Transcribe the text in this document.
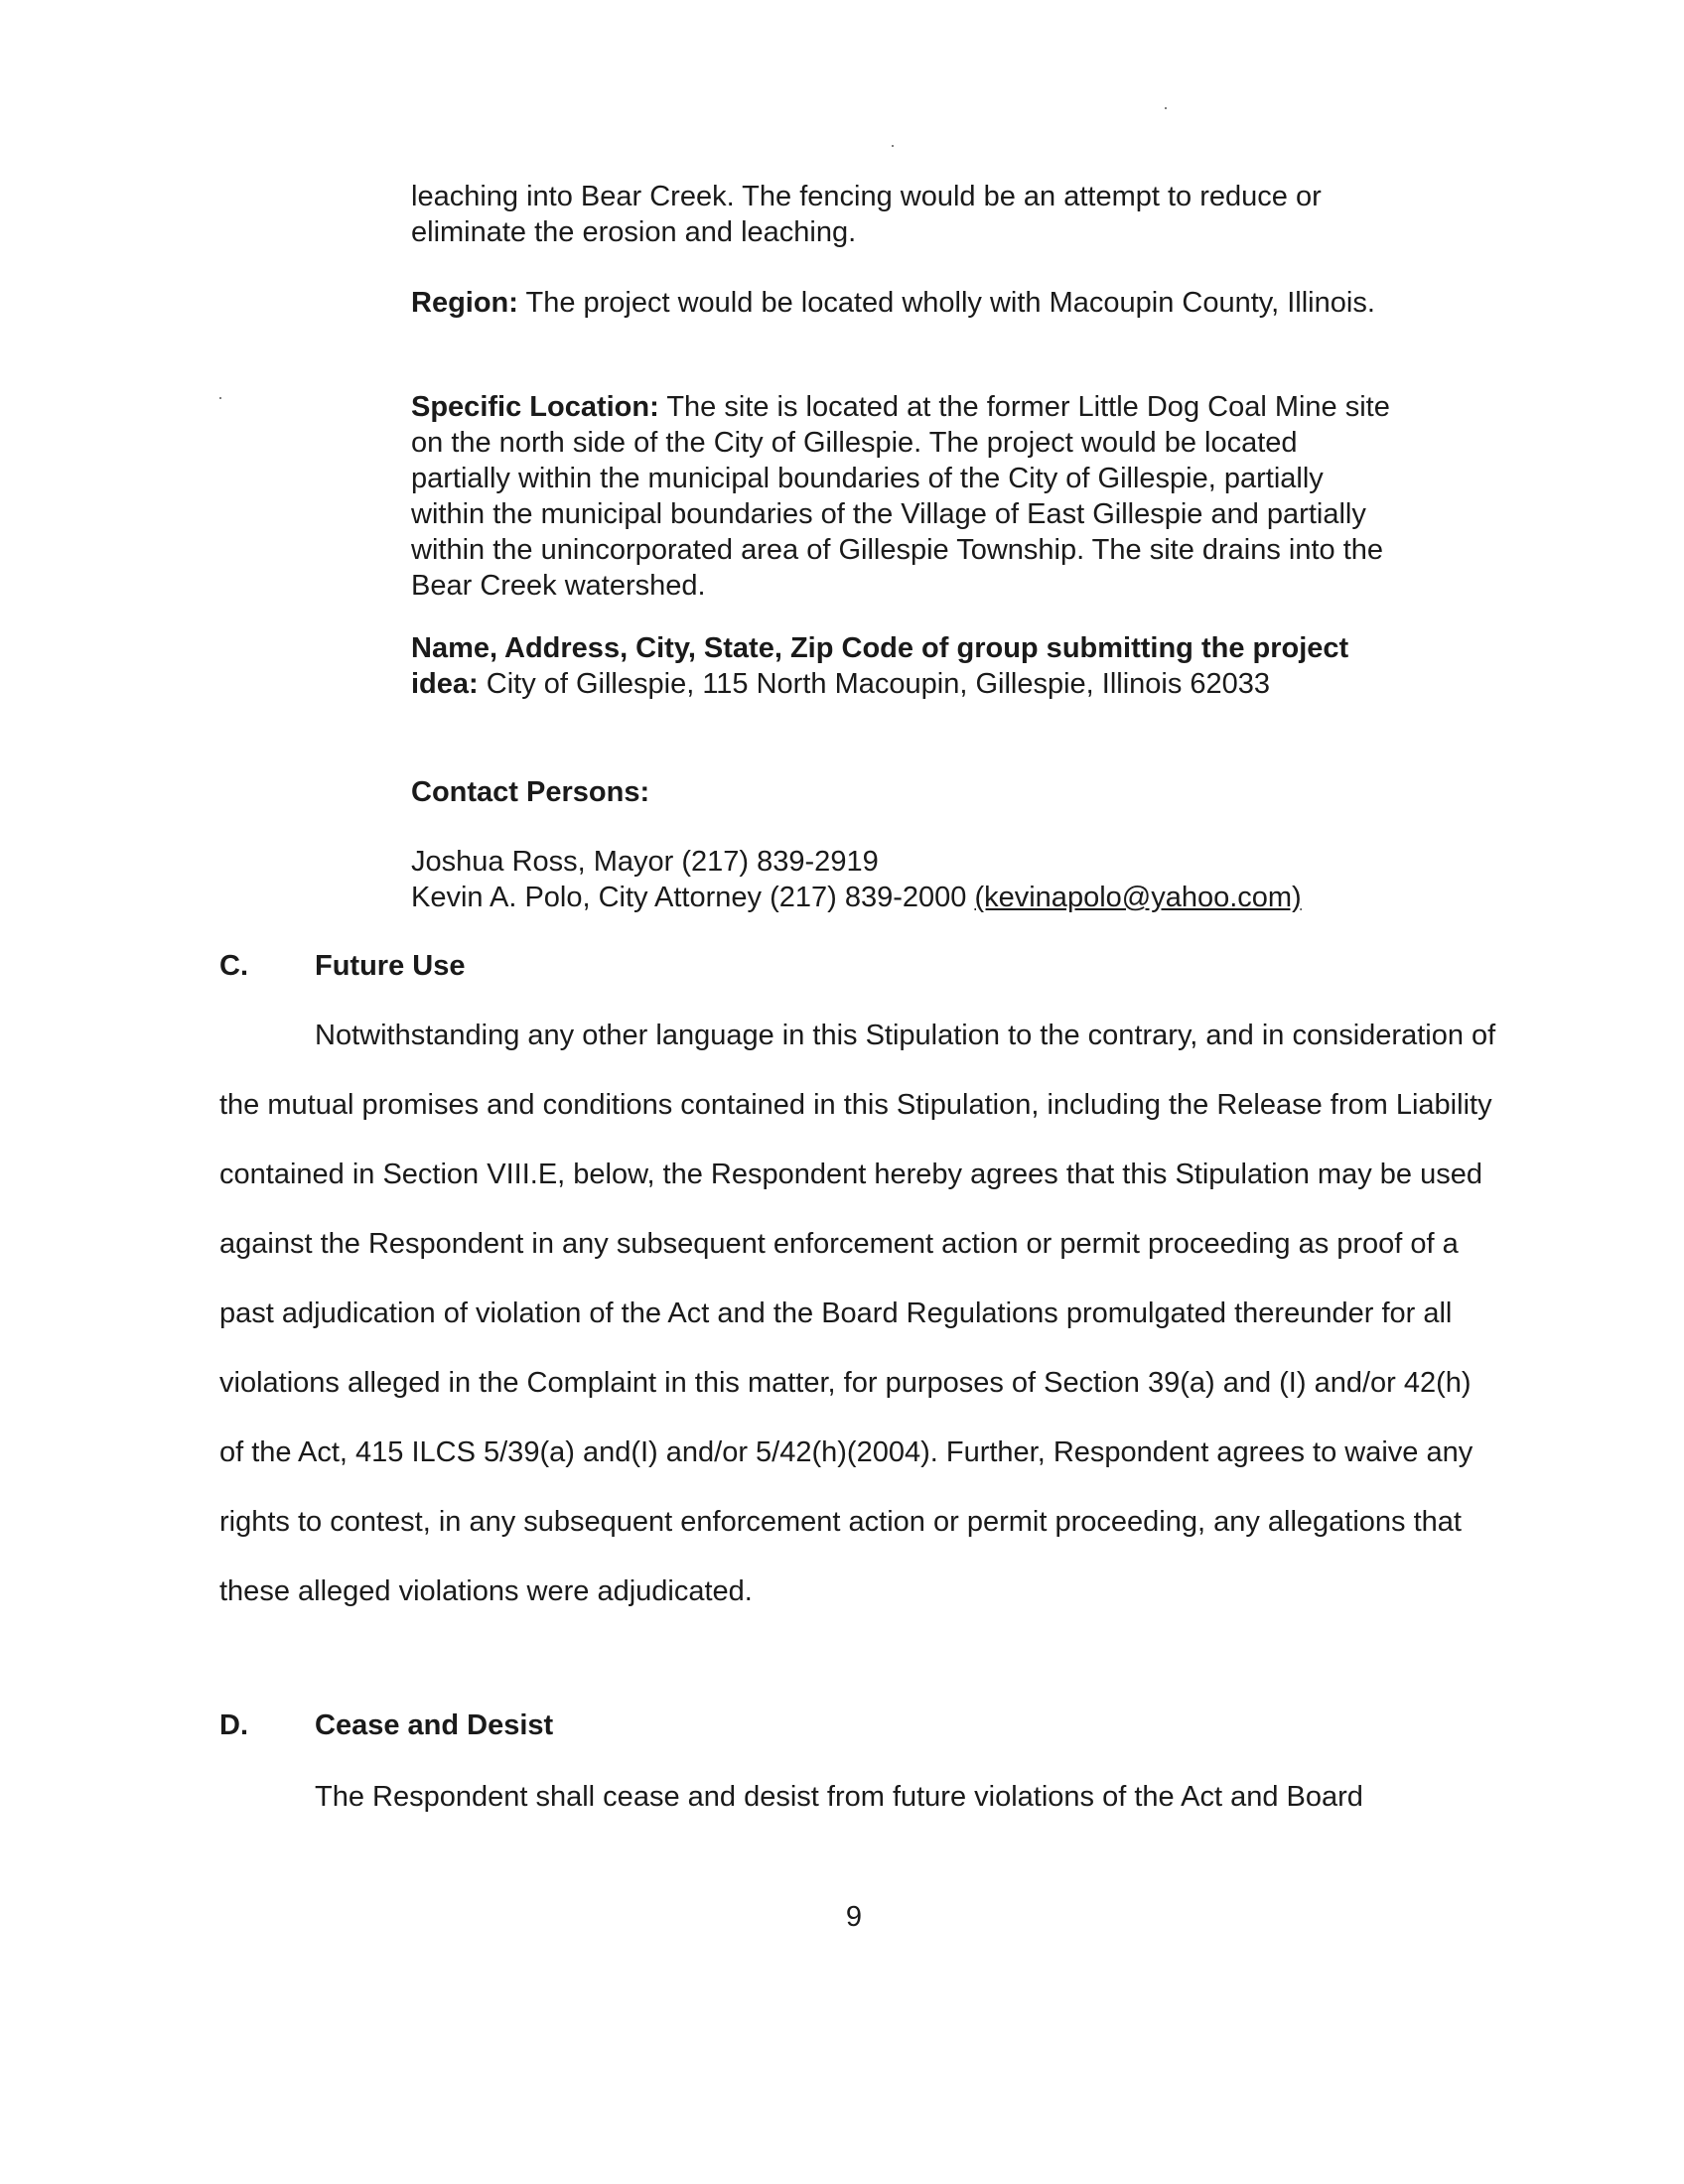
leaching into Bear Creek. The fencing would be an attempt to reduce or eliminate the erosion and leaching.

Region: The project would be located wholly with Macoupin County, Illinois.

Specific Location: The site is located at the former Little Dog Coal Mine site on the north side of the City of Gillespie. The project would be located partially within the municipal boundaries of the City of Gillespie, partially within the municipal boundaries of the Village of East Gillespie and partially within the unincorporated area of Gillespie Township. The site drains into the Bear Creek watershed.

Name, Address, City, State, Zip Code of group submitting the project idea: City of Gillespie, 115 North Macoupin, Gillespie, Illinois 62033

Contact Persons:

Joshua Ross, Mayor (217) 839-2919
Kevin A. Polo, City Attorney (217) 839-2000 (kevinapolo@yahoo.com)
C. Future Use

Notwithstanding any other language in this Stipulation to the contrary, and in consideration of the mutual promises and conditions contained in this Stipulation, including the Release from Liability contained in Section VIII.E, below, the Respondent hereby agrees that this Stipulation may be used against the Respondent in any subsequent enforcement action or permit proceeding as proof of a past adjudication of violation of the Act and the Board Regulations promulgated thereunder for all violations alleged in the Complaint in this matter, for purposes of Section 39(a) and (I) and/or 42(h) of the Act, 415 ILCS 5/39(a) and(I) and/or 5/42(h)(2004). Further, Respondent agrees to waive any rights to contest, in any subsequent enforcement action or permit proceeding, any allegations that these alleged violations were adjudicated.

D. Cease and Desist

The Respondent shall cease and desist from future violations of the Act and Board

9
